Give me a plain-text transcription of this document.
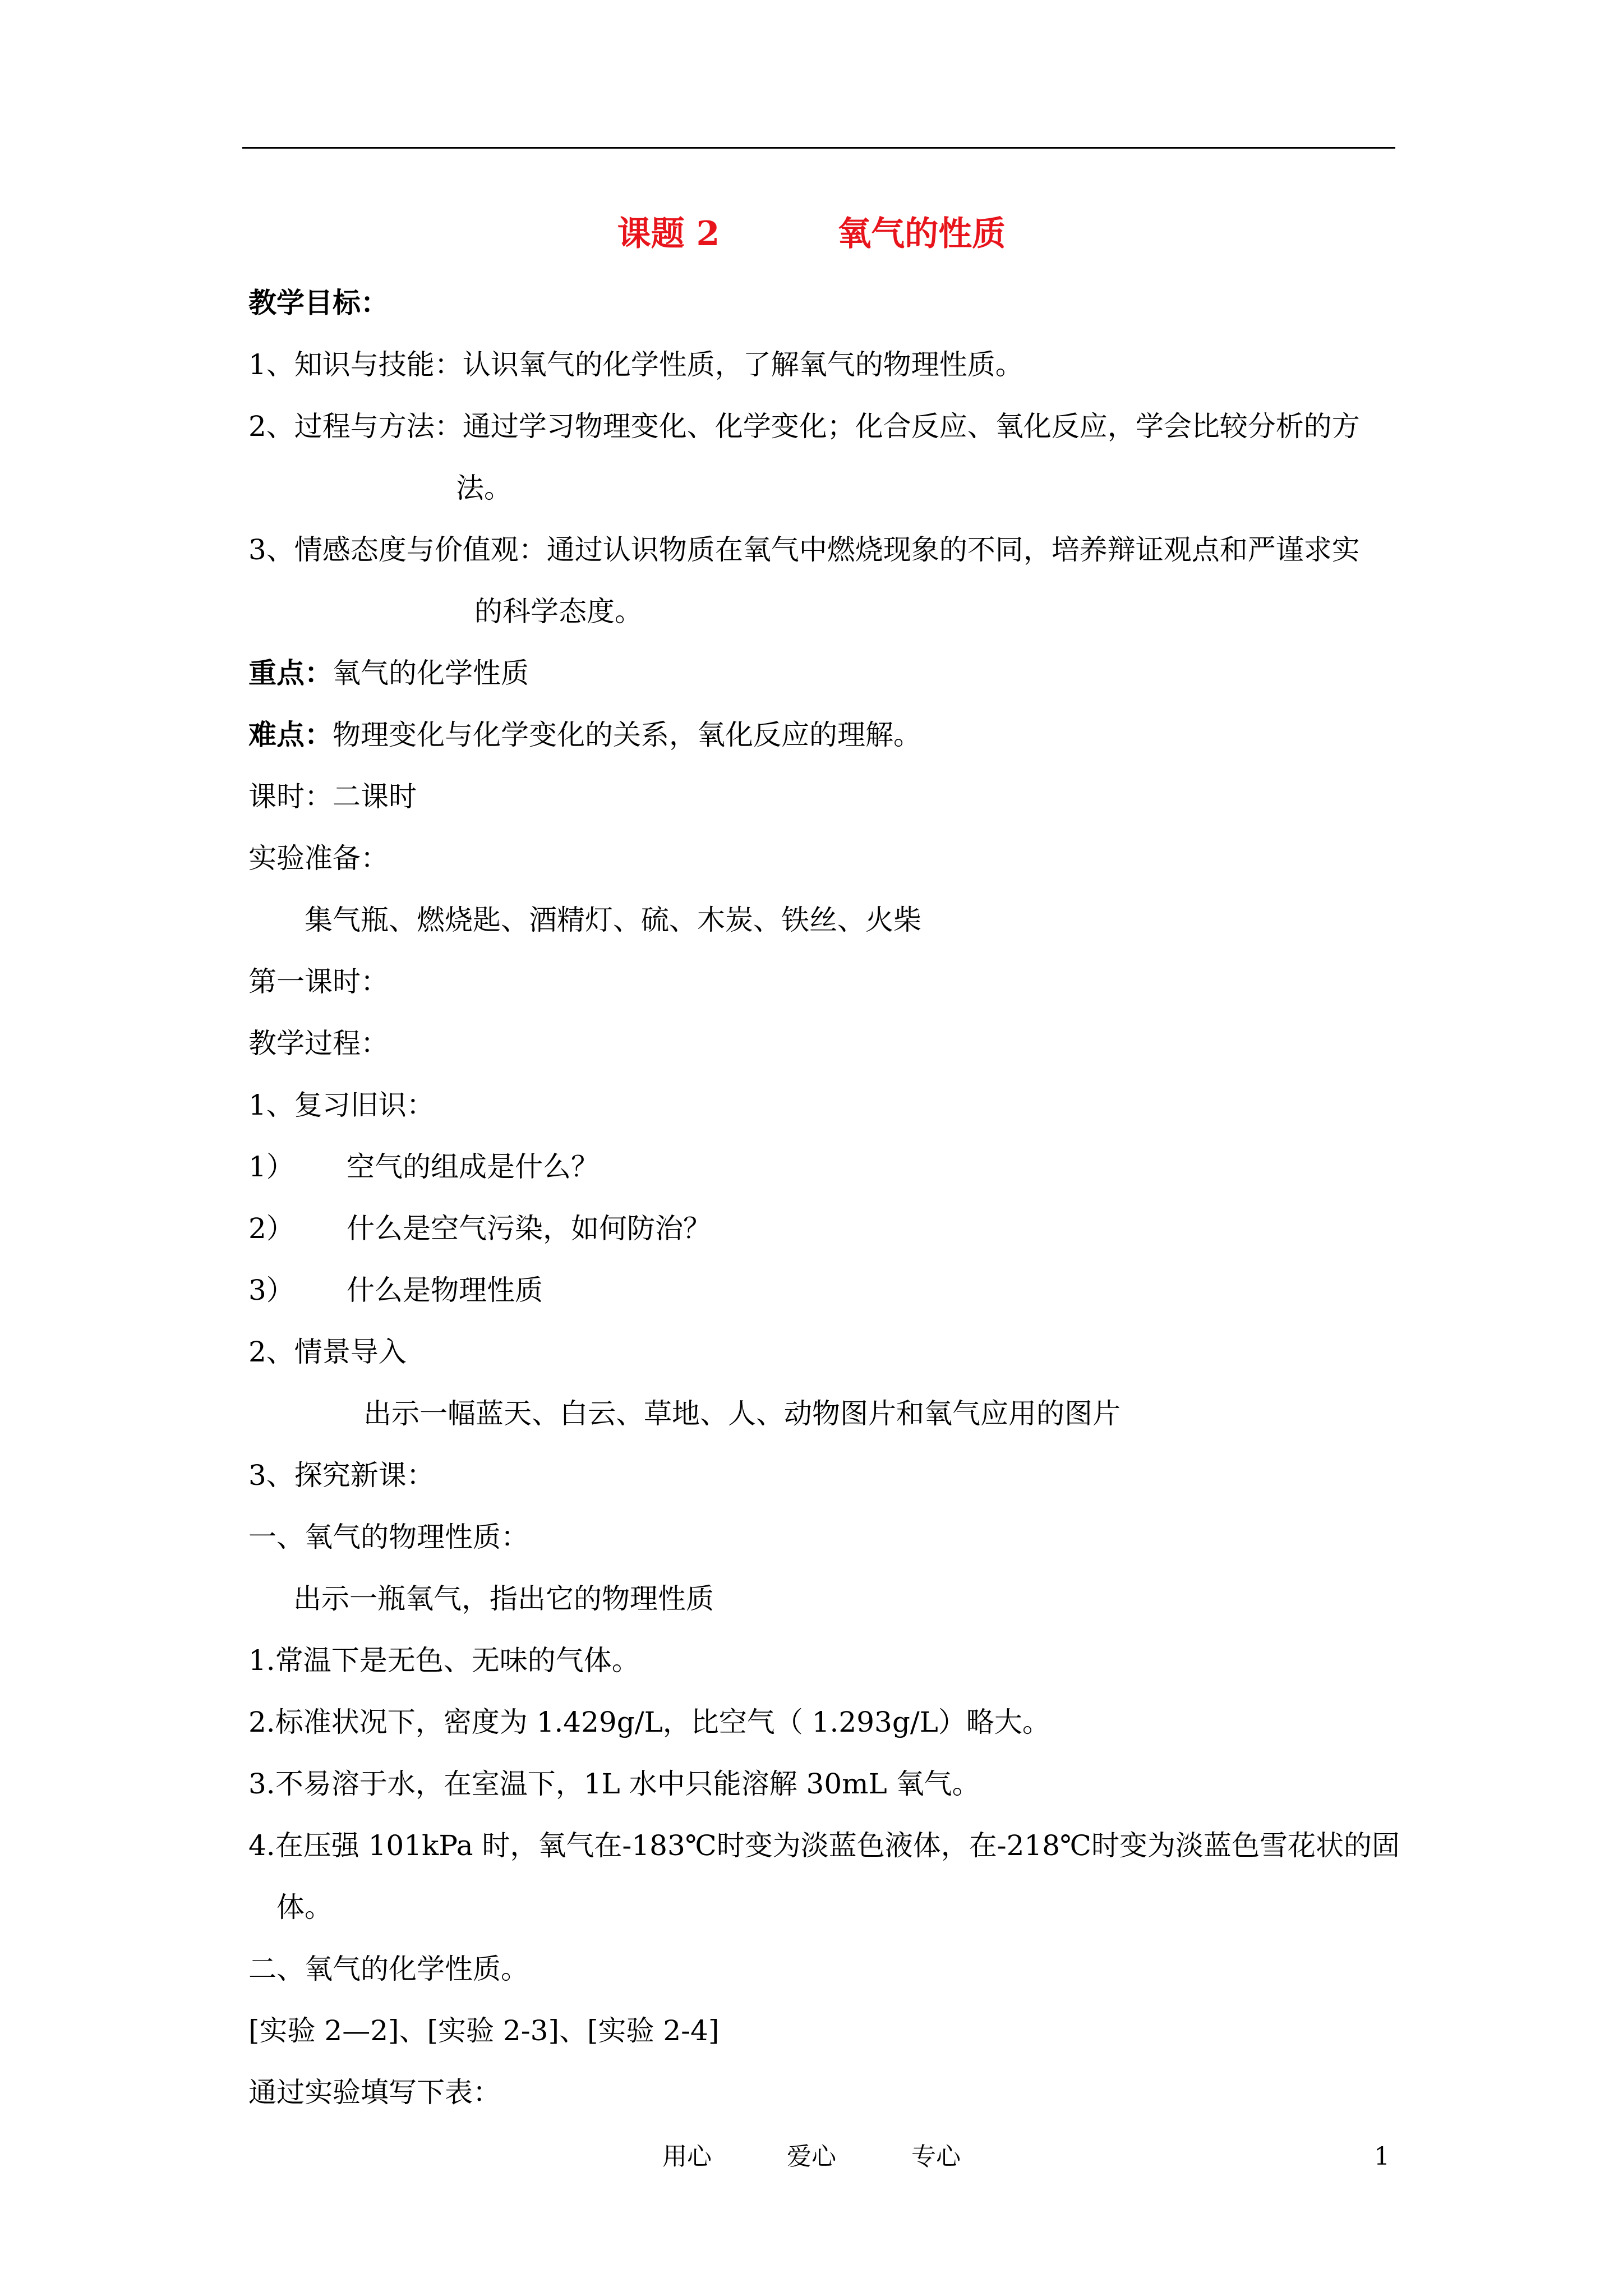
课题 2	氧气的性质
教学目标：
1、知识与技能：认识氧气的化学性质，了解氧气的物理性质。
2、过程与方法：通过学习物理变化、化学变化；化合反应、氧化反应，学会比较分析的方
法。
3、情感态度与价值观：通过认识物质在氧气中燃烧现象的不同，培养辩证观点和严谨求实
的科学态度。
重点：氧气的化学性质
难点：物理变化与化学变化的关系，氧化反应的理解。
课时：二课时
实验准备：
集气瓶、燃烧匙、酒精灯、硫、木炭、铁丝、火柴
第一课时：
教学过程：
1、复习旧识：
1） 空气的组成是什么？
2） 什么是空气污染，如何防治？
3） 什么是物理性质
2、情景导入
出示一幅蓝天、白云、草地、人、动物图片和氧气应用的图片
3、探究新课：
一、氧气的物理性质：
出示一瓶氧气，指出它的物理性质
1.常温下是无色、无味的气体。
2.标准状况下，密度为 1.429g/L，比空气（ 1.293g/L）略大。
3.不易溶于水，在室温下，1L 水中只能溶解 30mL 氧气。
4.在压强 101kPa 时，氧气在-183℃时变为淡蓝色液体，在-218℃时变为淡蓝色雪花状的固
体。
二、氧气的化学性质。
[实验 2—2]、[实验 2-3]、[实验 2-4]
通过实验填写下表：
用心	爱心	专心	1
